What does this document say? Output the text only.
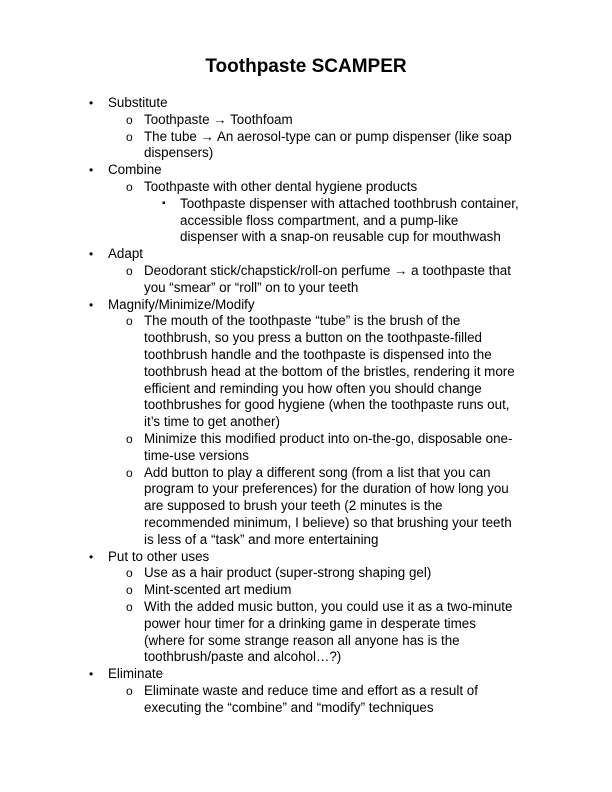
Toothpaste SCAMPER
• Substitute
o Toothpaste → Toothfoam
o The tube → An aerosol-type can or pump dispenser (like soap dispensers)
• Combine
o Toothpaste with other dental hygiene products
▪ Toothpaste dispenser with attached toothbrush container, accessible floss compartment, and a pump-like dispenser with a snap-on reusable cup for mouthwash
• Adapt
o Deodorant stick/chapstick/roll-on perfume → a toothpaste that you “smear” or “roll” on to your teeth
• Magnify/Minimize/Modify
o The mouth of the toothpaste “tube” is the brush of the toothbrush, so you press a button on the toothpaste-filled toothbrush handle and the toothpaste is dispensed into the toothbrush head at the bottom of the bristles, rendering it more efficient and reminding you how often you should change toothbrushes for good hygiene (when the toothpaste runs out, it’s time to get another)
o Minimize this modified product into on-the-go, disposable one-time-use versions
o Add button to play a different song (from a list that you can program to your preferences) for the duration of how long you are supposed to brush your teeth (2 minutes is the recommended minimum, I believe) so that brushing your teeth is less of a “task” and more entertaining
• Put to other uses
o Use as a hair product (super-strong shaping gel)
o Mint-scented art medium
o With the added music button, you could use it as a two-minute power hour timer for a drinking game in desperate times (where for some strange reason all anyone has is the toothbrush/paste and alcohol…?)
• Eliminate
o Eliminate waste and reduce time and effort as a result of executing the “combine” and “modify” techniques
